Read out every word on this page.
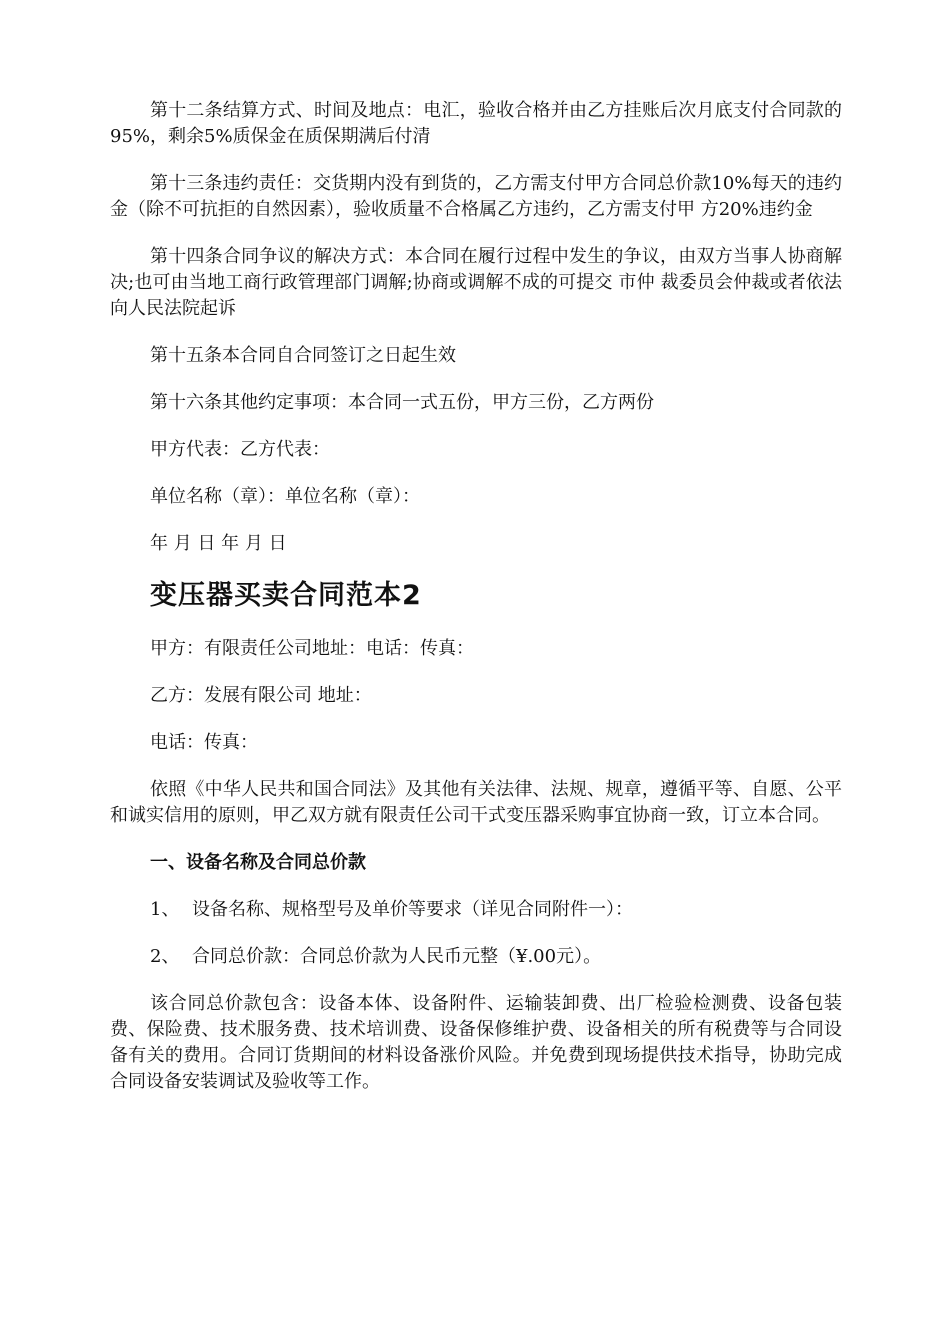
第十二条结算方式、时间及地点：电汇，验收合格并由乙方挂账后次月底支付合同款的95%，剩余5%质保金在质保期满后付清

第十三条违约责任：交货期内没有到货的，乙方需支付甲方合同总价款10%每天的违约金（除不可抗拒的自然因素），验收质量不合格属乙方违约，乙方需支付甲 方20%违约金

第十四条合同争议的解决方式：本合同在履行过程中发生的争议，由双方当事人协商解决;也可由当地工商行政管理部门调解;协商或调解不成的可提交 市仲 裁委员会仲裁或者依法向人民法院起诉

第十五条本合同自合同签订之日起生效

第十六条其他约定事项：本合同一式五份，甲方三份，乙方两份

甲方代表：乙方代表：

单位名称（章）：单位名称（章）：

年 月 日 年 月 日

变压器买卖合同范本2

甲方：有限责任公司地址：电话：传真：

乙方：发展有限公司 地址：

电话：传真：

依照《中华人民共和国合同法》及其他有关法律、法规、规章，遵循平等、自愿、公平和诚实信用的原则，甲乙双方就有限责任公司干式变压器采购事宜协商一致，订立本合同。

一、设备名称及合同总价款

1、 设备名称、规格型号及单价等要求（详见合同附件一）：

2、 合同总价款：合同总价款为人民币元整（¥.00元）。

该合同总价款包含：设备本体、设备附件、运输装卸费、出厂检验检测费、设备包装费、保险费、技术服务费、技术培训费、设备保修维护费、设备相关的所有税费等与合同设备有关的费用。合同订货期间的材料设备涨价风险。并免费到现场提供技术指导，协助完成合同设备安装调试及验收等工作。
